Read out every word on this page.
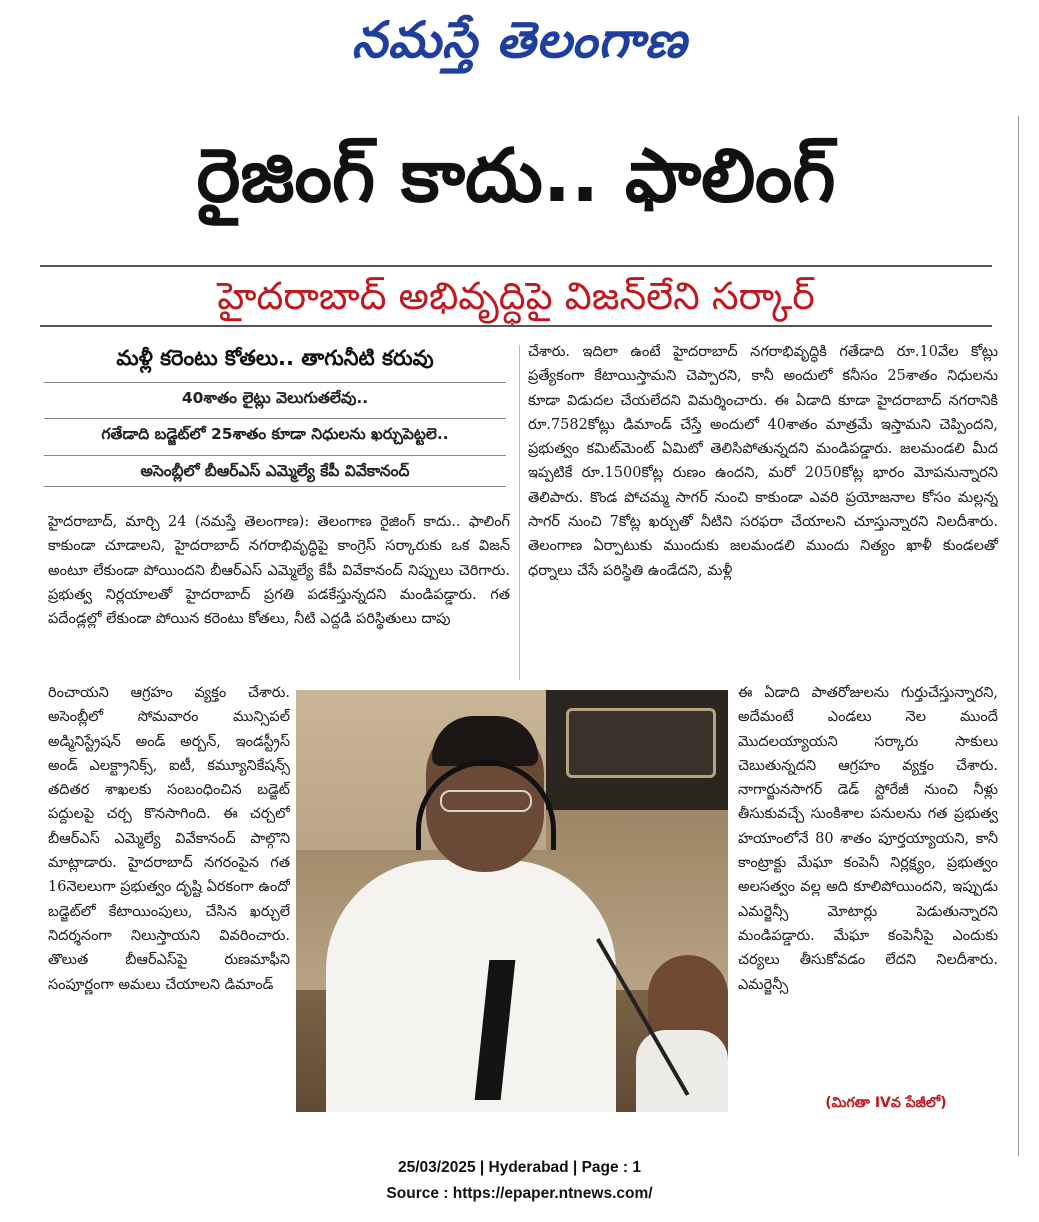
నమస్తే తెలంగాణ
రైజింగ్ కాదు.. ఫాలింగ్
హైదరాబాద్ అభివృద్ధిపై విజన్‌లేని సర్కార్
మళ్లీ కరెంటు కోతలు.. తాగునీటి కరువు
40శాతం లైట్లు వెలుగుతలేవు..
గతేడాది బడ్జెట్‌లో 25శాతం కూడా నిధులను ఖర్చుపెట్టలె..
అసెంబ్లీలో బీఆర్‌ఎస్ ఎమ్మెల్యే కేపీ వివేకానంద్
హైదరాబాద్, మార్చి 24 (నమస్తే తెలంగాణ): తెలంగాణ రైజింగ్ కాదు.. ఫాలింగ్ కాకుండా చూడాలని, హైదరాబాద్ నగరాభివృద్ధిపై కాంగ్రెస్ సర్కారుకు ఒక విజన్ అంటూ లేకుండా పోయిందని బీఆర్‌ఎస్ ఎమ్మెల్యే కేపీ వివేకానంద్ నిప్పులు చెరిగారు. ప్రభుత్వ నిర్లయాలతో హైదరాబాద్ ప్రగతి పడకేస్తున్నదని మండిపడ్డారు. గత పదేండ్లల్లో లేకుండా పోయిన కరెంటు కోతలు, నీటి ఎద్దడి పరిస్థితులు దాపు
రించాయని ఆగ్రహం వ్యక్తం చేశారు. అసెంబ్లీలో సోమవారం మున్సిపల్ అడ్మినిస్ట్రేషన్ అండ్ అర్బన్, ఇండస్ట్రీస్ అండ్ ఎలక్ట్రానిక్స్, ఐటీ, కమ్యూనికేషన్స్ తదితర శాఖలకు సంబంధించిన బడ్జెట్ పద్దులపై చర్చ కొనసాగింది. ఈ చర్చలో బీఆర్‌ఎస్ ఎమ్మెల్యే వివేకానంద్ పాల్గొని మాట్లాడారు. హైదరాబాద్ నగరంపైన గత 16నెలలుగా ప్రభుత్వం దృష్టి ఏరకంగా ఉందో బడ్జెట్‌లో కేటాయింపులు, చేసిన ఖర్చులే నిదర్శనంగా నిలుస్తాయని వివరించారు. తొలుత బీఆర్‌ఎస్‌పై రుణమాఫీని సంపూర్ణంగా అమలు చేయాలని డిమాండ్
చేశారు. ఇదిలా ఉంటే హైదరాబాద్ నగరాభివృద్ధికి గతేడాది రూ.10వేల కోట్లు ప్రత్యేకంగా కేటాయిస్తామని చెప్పారని, కానీ అందులో కనీసం 25శాతం నిధులను కూడా విడుదల చేయలేదని విమర్శించారు. ఈ ఏడాది కూడా హైదరాబాద్ నగరానికి రూ.7582కోట్లు డిమాండ్ చేస్తే అందులో 40శాతం మాత్రమే ఇస్తామని చెప్పిందని, ప్రభుత్వం కమిట్‌మెంట్ ఏమిటో తెలిసిపోతున్నదని మండిపడ్డారు. జలమండలి మీద ఇప్పటికే రూ.1500కోట్ల రుణం ఉందని, మరో 2050కోట్ల భారం మోపనున్నారని తెలిపారు. కొండ పోచమ్మ సాగర్ నుంచి కాకుండా ఎవరి ప్రయోజనాల కోసం మల్లన్న సాగర్ నుంచి 7కోట్ల ఖర్చుతో నీటిని సరఫరా చేయాలని చూస్తున్నారని నిలదీశారు. తెలంగాణ ఏర్పాటుకు ముందుకు జలమండలి ముందు నిత్యం ఖాళీ కుండలతో ధర్నాలు చేసే పరిస్థితి ఉండేదని, మళ్లీ
ఈ ఏడాది పాతరోజులను గుర్తుచేస్తున్నారని, అదేమంటే ఎండలు నెల ముందే మొదలయ్యాయని సర్కారు సాకులు చెబుతున్నదని ఆగ్రహం వ్యక్తం చేశారు. నాగార్జునసాగర్ డెడ్ స్టోరేజీ నుంచి నీళ్లు తీసుకువచ్చే సుంకిశాల పనులను గత ప్రభుత్వ హయాంలోనే 80 శాతం పూర్తయ్యాయని, కానీ కాంట్రాక్టు మేఘా కంపెనీ నిర్లక్ష్యం, ప్రభుత్వం అలసత్వం వల్ల అది కూలిపోయిందని, ఇప్పుడు ఎమర్జెన్సీ మోటార్లు పెడుతున్నారని మండిపడ్డారు. మేఘా కంపెనీపై ఎందుకు చర్యలు తీసుకోవడం లేదని నిలదీశారు. ఎమర్జెన్సీ
(మిగతా IVవ పేజీలో)
25/03/2025 | Hyderabad | Page : 1
Source : https://epaper.ntnews.com/
